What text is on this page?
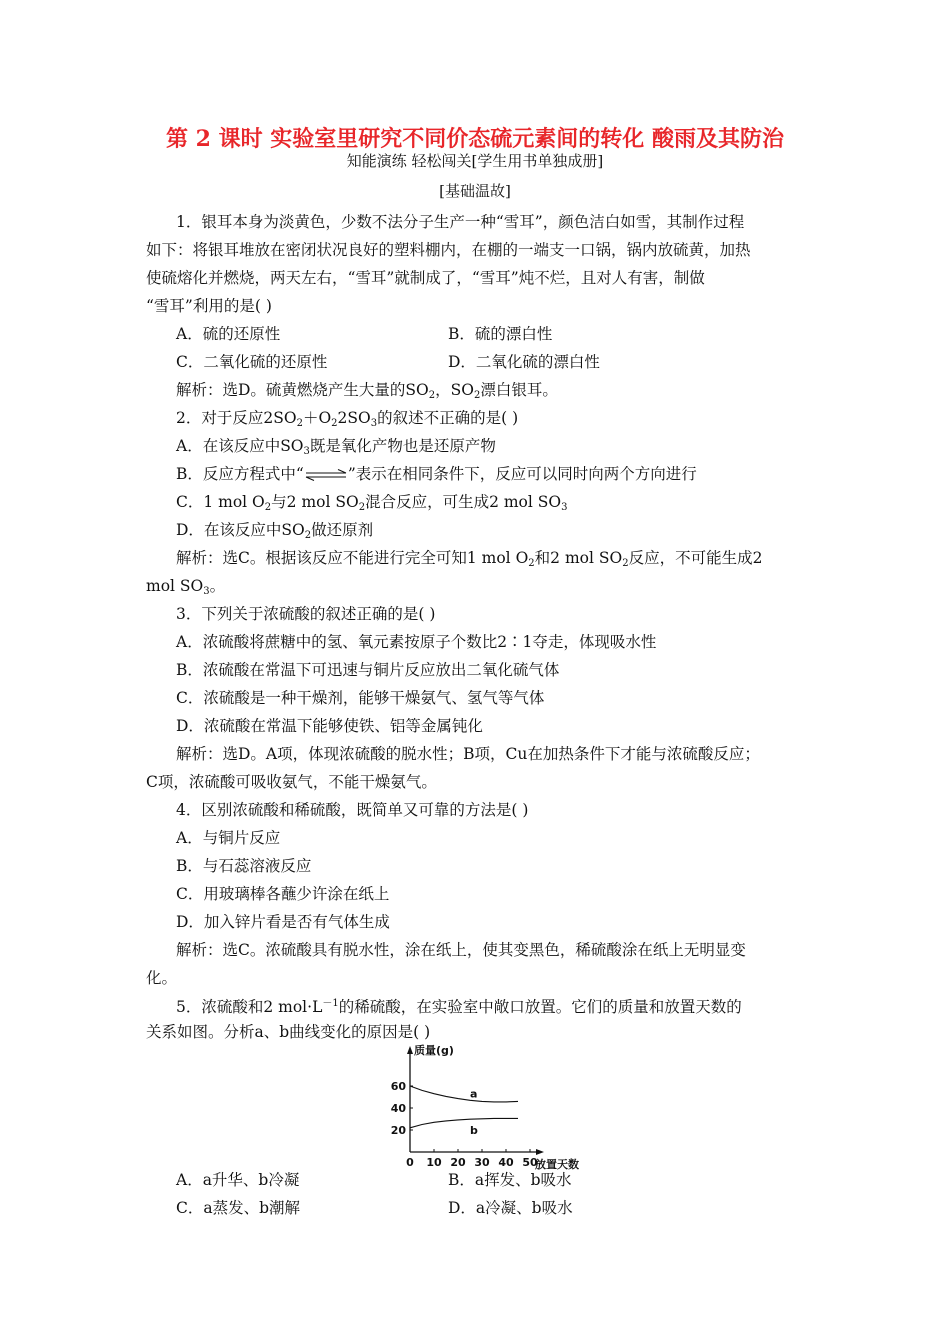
第 2 课时 实验室里研究不同价态硫元素间的转化 酸雨及其防治
知能演练 轻松闯关[学生用书单独成册]
[基础温故]
1．银耳本身为淡黄色，少数不法分子生产一种“雪耳”，颜色洁白如雪，其制作过程
如下：将银耳堆放在密闭状况良好的塑料棚内，在棚的一端支一口锅，锅内放硫黄，加热
使硫熔化并燃烧，两天左右，“雪耳”就制成了，“雪耳”炖不烂，且对人有害，制做
“雪耳”利用的是( )
A．硫的还原性	B．硫的漂白性
C．二氧化硫的还原性	D．二氧化硫的漂白性
解析：选D。硫黄燃烧产生大量的$SO_2$，$SO_2$漂白银耳。
2．对于反应$2SO_2+O_22SO_3$的叙述不正确的是( )
A．在该反应中$SO_3$既是氧化产物也是还原产物
B．反应方程式中“⇌”表示在相同条件下，反应可以同时向两个方向进行
C．1 mol $O_2$与2 mol $SO_2$混合反应，可生成2 mol $SO_3$
D．在该反应中$SO_2$做还原剂
解析：选C。根据该反应不能进行完全可知1 mol $O_2$和2 mol $SO_2$反应，不可能生成2
mol $SO_3$。
3．下列关于浓硫酸的叙述正确的是( )
A．浓硫酸将蔗糖中的氢、氧元素按原子个数比2∶1夺走，体现吸水性
B．浓硫酸在常温下可迅速与铜片反应放出二氧化硫气体
C．浓硫酸是一种干燥剂，能够干燥氨气、氢气等气体
D．浓硫酸在常温下能够使铁、铝等金属钝化
解析：选D。A项，体现浓硫酸的脱水性；B项，Cu在加热条件下才能与浓硫酸反应；
C项，浓硫酸可吸收氨气，不能干燥氨气。
4．区别浓硫酸和稀硫酸，既简单又可靠的方法是( )
A．与铜片反应
B．与石蕊溶液反应
C．用玻璃棒各蘸少许涂在纸上
D．加入锌片看是否有气体生成
解析：选C。浓硫酸具有脱水性，涂在纸上，使其变黑色，稀硫酸涂在纸上无明显变
化。
5．浓硫酸和2 $mol\cdot L^{-1}$的稀硫酸，在实验室中敞口放置。它们的质量和放置天数的
关系如图。分析a、b曲线变化的原因是( )
质量(g)
放置天数
0 10 20 30 40 50
20
40
60
a
b
A．a升华、b冷凝	B．a挥发、b吸水
C．a蒸发、b潮解	D．a冷凝、b吸水
